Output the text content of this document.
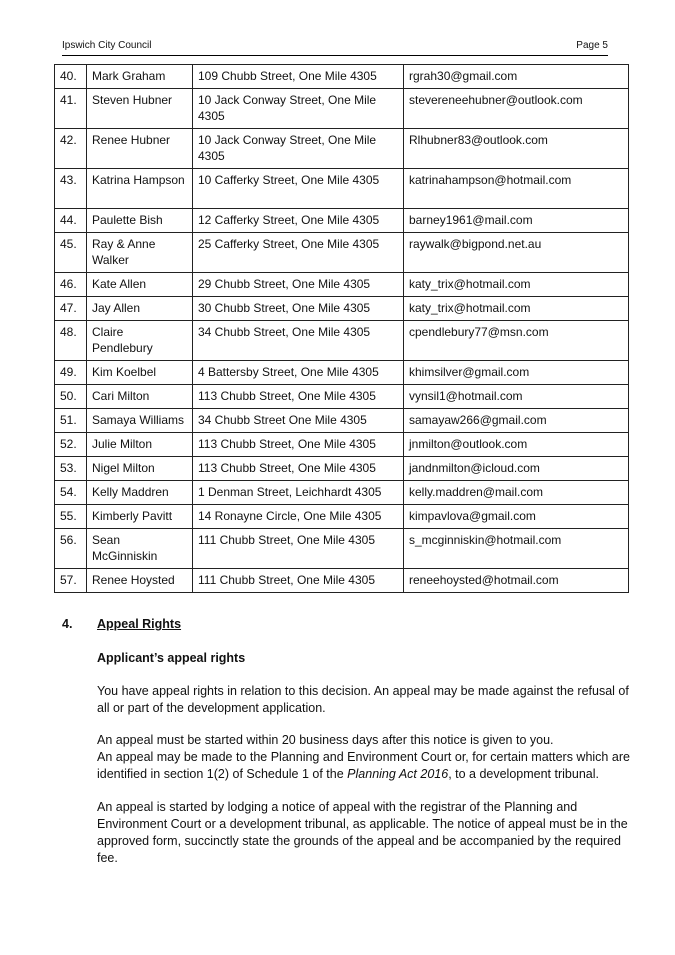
Ipswich City Council	Page 5
40.	Mark Graham	109 Chubb Street, One Mile 4305	rgrah30@gmail.com
41.	Steven Hubner	10 Jack Conway Street, One Mile 4305	stevereneehubner@outlook.com
42.	Renee Hubner	10 Jack Conway Street, One Mile 4305	Rlhubner83@outlook.com
43.	Katrina Hampson	10 Cafferky Street, One Mile 4305	katrinahampson@hotmail.com
44.	Paulette Bish	12 Cafferky Street, One Mile 4305	barney1961@mail.com
45.	Ray & Anne Walker	25 Cafferky Street, One Mile 4305	raywalk@bigpond.net.au
46.	Kate Allen	29 Chubb Street, One Mile 4305	katy_trix@hotmail.com
47.	Jay Allen	30 Chubb Street, One Mile 4305	katy_trix@hotmail.com
48.	Claire Pendlebury	34 Chubb Street, One Mile 4305	cpendlebury77@msn.com
49.	Kim Koelbel	4 Battersby Street, One Mile 4305	khimsilver@gmail.com
50.	Cari Milton	113 Chubb Street, One Mile 4305	vynsil1@hotmail.com
51.	Samaya Williams	34 Chubb Street One Mile 4305	samayaw266@gmail.com
52.	Julie Milton	113 Chubb Street, One Mile 4305	jnmilton@outlook.com
53.	Nigel Milton	113 Chubb Street, One Mile 4305	jandnmilton@icloud.com
54.	Kelly Maddren	1 Denman Street, Leichhardt 4305	kelly.maddren@mail.com
55.	Kimberly Pavitt	14 Ronayne Circle, One Mile 4305	kimpavlova@gmail.com
56.	Sean McGinniskin	111 Chubb Street, One Mile 4305	s_mcginniskin@hotmail.com
57.	Renee Hoysted	111 Chubb Street, One Mile 4305	reneehoysted@hotmail.com
4. Appeal Rights
Applicant’s appeal rights
You have appeal rights in relation to this decision. An appeal may be made against the refusal of all or part of the development application.
An appeal must be started within 20 business days after this notice is given to you.
An appeal may be made to the Planning and Environment Court or, for certain matters which are identified in section 1(2) of Schedule 1 of the Planning Act 2016, to a development tribunal.
An appeal is started by lodging a notice of appeal with the registrar of the Planning and Environment Court or a development tribunal, as applicable. The notice of appeal must be in the approved form, succinctly state the grounds of the appeal and be accompanied by the required fee.
